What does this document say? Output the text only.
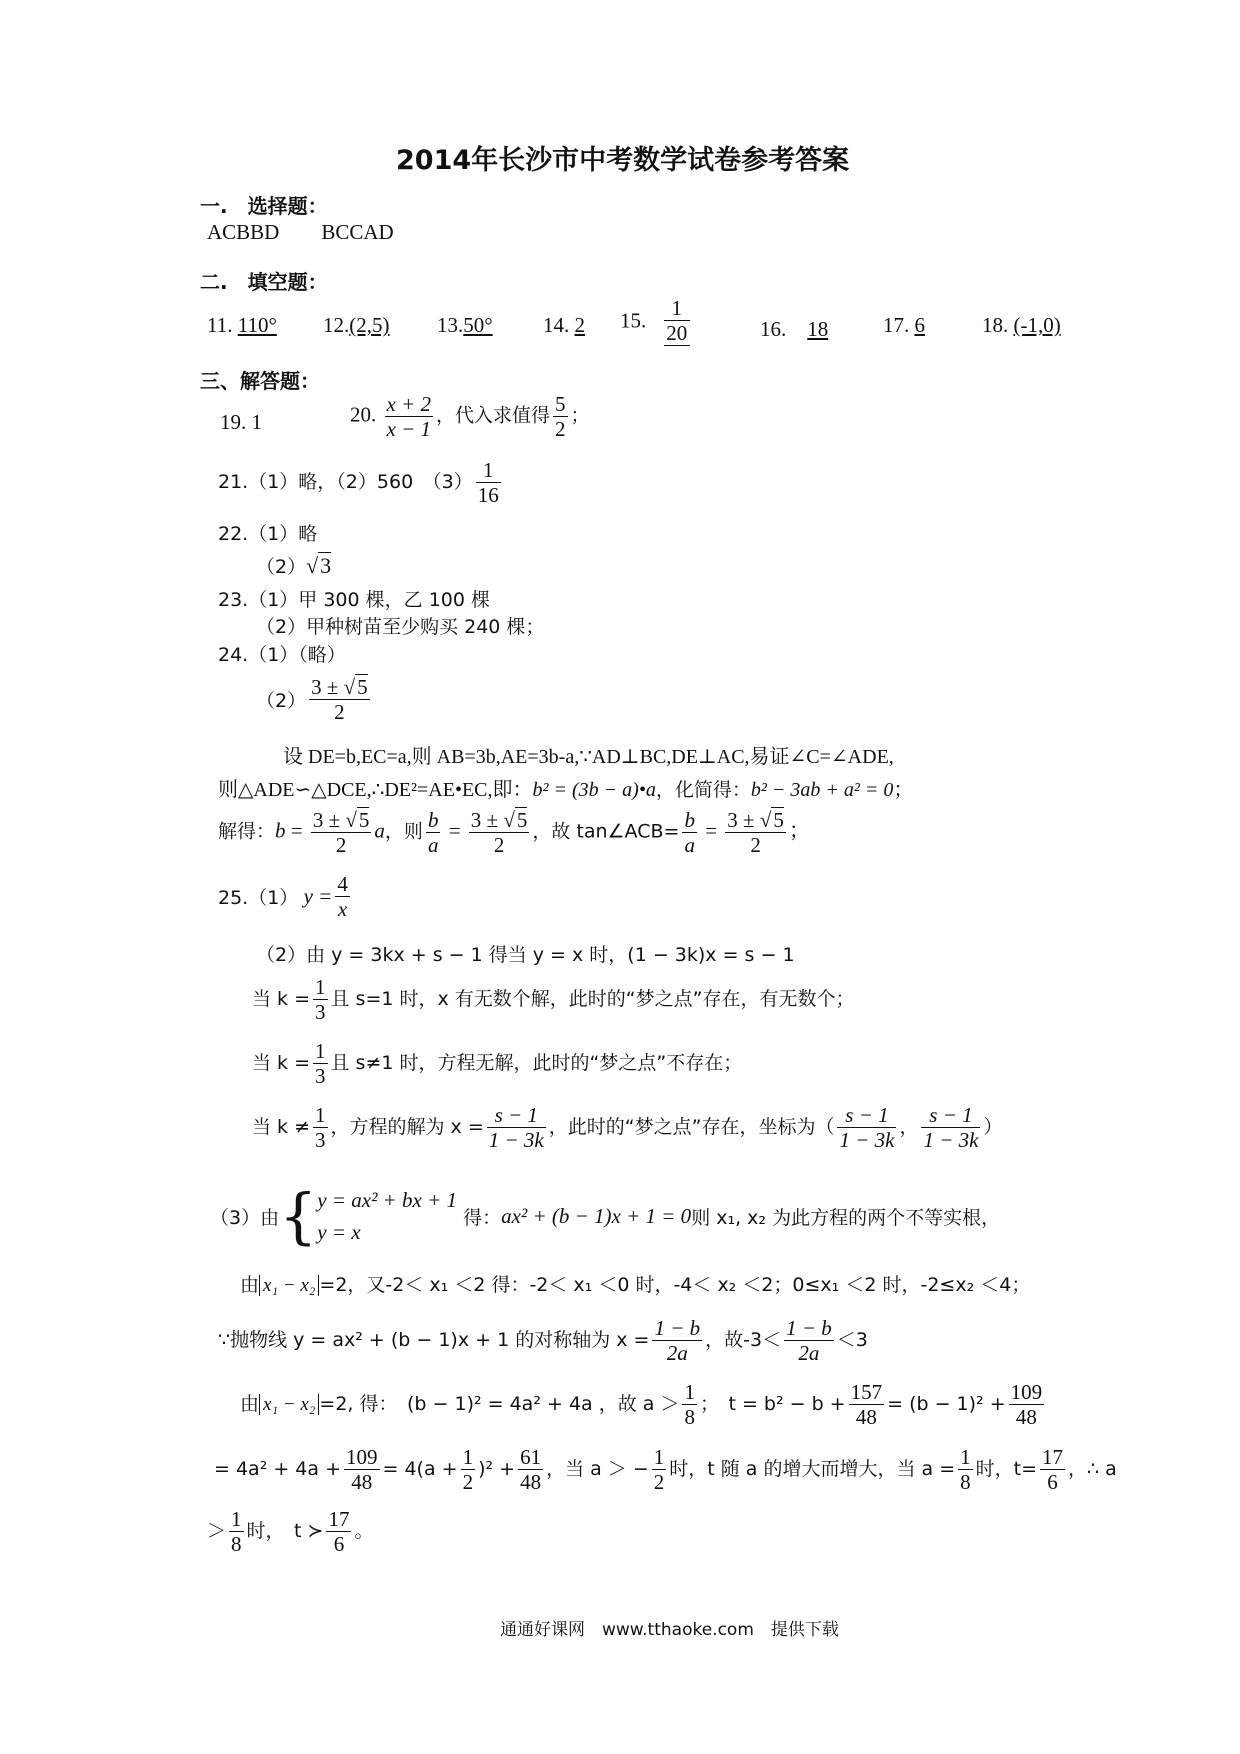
2014年长沙市中考数学试卷参考答案
一.　选择题：
ACBBD　　BCCAD
二.　填空题：
11. 110° 12.(2,5) 13.50° 14. 2 15. $\frac{1}{20}$	16.　 18	17. 6	18. (-1,0)
三、解答题：
19. 1	20. $\frac{x + 2}{x - 1}$ ，代入求值得 $\frac{5}{2}$ ；
21.（1）略，（2）560　$(3) \frac{1}{16}$
22.（1）略
（2）√3
23.（1）甲 300 棵，乙 100 棵
（2）甲种树苗至少购买 240 棵；
24.（1）（略）
$(2) \frac{3 \pm √5}{2}$
设 DE=b,EC=a,则 AB=3b,AE=3b-a,∵AD⊥BC,DE⊥AC,易证∠C=∠ADE,
则△ADE∽△DCE,∴DE²=AE•EC,即：b² = (3b − a)•a，化简得：b² − 3ab + a² = 0；
解得：$b = \frac{3 \pm √5}{2}$ a，则 $\frac{b}{a} = \frac{3 \pm √5}{2}$ ，故 tan∠ACB= $\frac{b}{a} = \frac{3 \pm √5}{2}$ ；
25.（1） $y = \frac{4}{x}$
（2）由 y = 3kx + s − 1 得当 y = x 时，(1 − 3k)x = s − 1
当 $k = \frac{1}{3}$ 且 s=1 时，x 有无数个解，此时的“梦之点”存在，有无数个；
当 $k = \frac{1}{3}$ 且 s≠1 时，方程无解，此时的“梦之点”不存在；
当 $k \ne \frac{1}{3}$ ，方程的解为 $x = \frac{s - 1}{1 - 3k}$ ，此时的“梦之点”存在，坐标为（ $\frac{s - 1}{1 - 3k}$ ， $\frac{s - 1}{1 - 3k}$ ）
（3）由{ y = ax² + bx + 1
y = x
得：ax² + (b − 1)x + 1 = 0则 x₁, x₂ 为此方程的两个不等实根，
由 x₁ − x₂ =2，又-2＜ x₁ ＜2 得：-2＜ x₁ ＜0 时，-4＜ x₂ ＜2；0≤x₁ ＜2 时，-2≤x₂ ＜4；
∵抛物线 y = ax² + (b − 1)x + 1 的对称轴为 $x = \frac{1 - b}{2a}$ ，故$-3< \frac{1 - b}{2a} <3$
由 x₁ − x₂ =2, 得：　(b − 1)² = 4a² + 4a ，故 $a > \frac{1}{8}$ ；　$t = b^2 - b + \frac{157}{48} = (b - 1)^2 + \frac{109}{48}$
= $4a^2 + 4a + \frac{109}{48} = 4(a + \frac{1}{2} )^2 + \frac{61}{48}$ ，当 a ＞ − $\frac{1}{2}$ 时，t 随 a 的增大而增大，当 $a = \frac{1}{8}$ 时，$t= \frac{17}{6}$ ，∴ a
＞ $\frac{1}{8}$ 时，　t ≻ $\frac{17}{6}$ 。
通通好课网　www.tthaoke.com　提供下载
